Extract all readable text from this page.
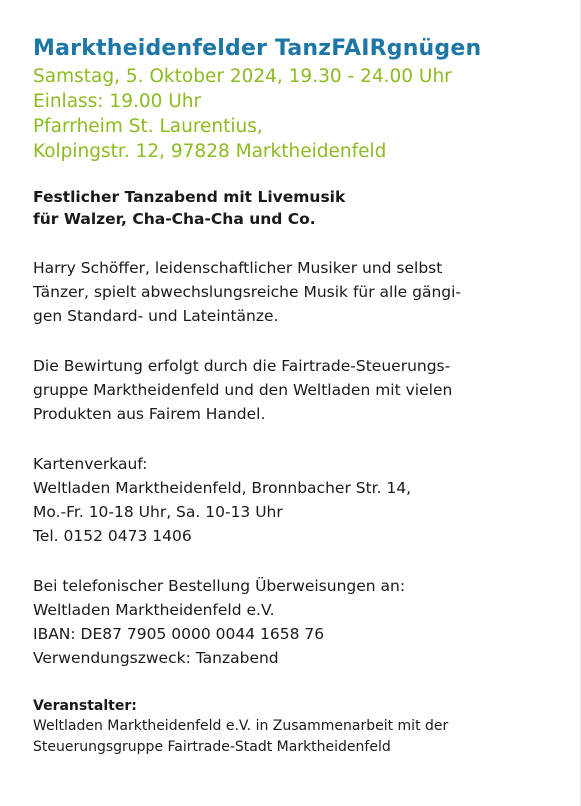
Marktheidenfelder TanzFAIRgnügen

Samstag, 5. Oktober 2024, 19.30 - 24.00 Uhr

Einlass: 19.00 Uhr

Pfarrheim St. Laurentius,

Kolpingstr. 12, 97828 Marktheidenfeld

Festlicher Tanzabend mit Livemusik

für Walzer, Cha-Cha-Cha und Co.

Harry Schöffer, leidenschaftlicher Musiker und selbst

Tänzer, spielt abwechslungsreiche Musik für alle gängi-

gen Standard- und Lateintänze.

Die Bewirtung erfolgt durch die Fairtrade-Steuerungs-

gruppe Marktheidenfeld und den Weltladen mit vielen

Produkten aus Fairem Handel.

Kartenverkauf:

Weltladen Marktheidenfeld, Bronnbacher Str. 14,

Mo.-Fr. 10-18 Uhr, Sa. 10-13 Uhr

Tel. 0152 0473 1406

Bei telefonischer Bestellung Überweisungen an:

Weltladen Marktheidenfeld e.V.

IBAN: DE87 7905 0000 0044 1658 76

Verwendungszweck: Tanzabend

Veranstalter:

Weltladen Marktheidenfeld e.V. in Zusammenarbeit mit der

Steuerungsgruppe Fairtrade-Stadt Marktheidenfeld
